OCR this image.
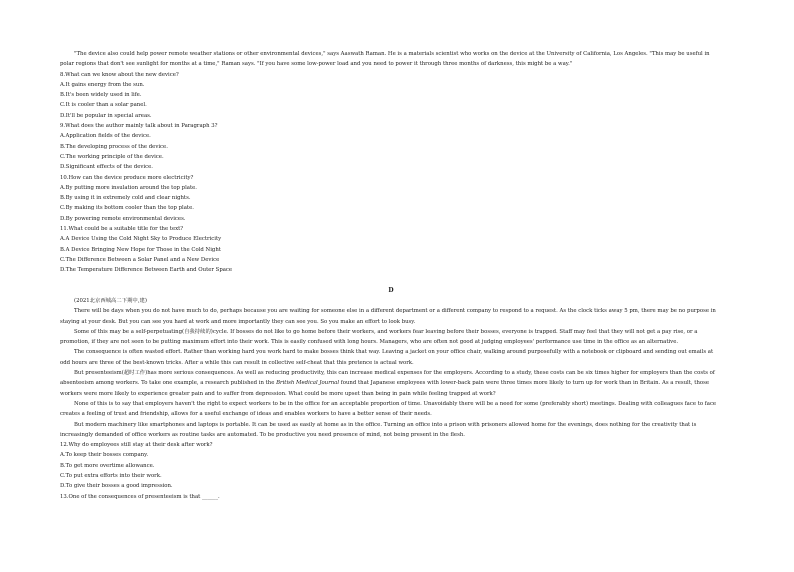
"The device also could help power remote weather stations or other environmental devices," says Aaswath Raman. He is a materials scientist who works on the device at the University of California, Los Angeles. "This may be useful in polar regions that don't see sunlight for months at a time," Raman says. "If you have some low-power load and you need to power it through three months of darkness, this might be a way."

8.What can we know about the new device?

A.It gains energy from the sun.

B.It's been widely used in life.

C.It is cooler than a solar panel.

D.It'll be popular in special areas.

9.What does the author mainly talk about in Paragraph 3?

A.Application fields of the device.

B.The developing process of the device.

C.The working principle of the device.

D.Significant effects of the device.

10.How can the device produce more electricity?

A.By putting more insulation around the top plate.

B.By using it in extremely cold and clear nights.

C.By making its bottom cooler than the top plate.

D.By powering remote environmental devices.

11.What could be a suitable title for the text?

A.A Device Using the Cold Night Sky to Produce Electricity

B.A Device Bringing New Hope for Those in the Cold Night

C.The Difference Between a Solar Panel and a New Device

D.The Temperature Difference Between Earth and Outer Space

D

(2021北京西城高二下期中,建)

There will be days when you do not have much to do, perhaps because you are waiting for someone else in a different department or a different company to respond to a request. As the clock ticks away 5 pm, there may be no purpose in staying at your desk. But you can see you hard at work and more importantly they can see you. So you make an effort to look busy.

Some of this may be a self-perpetuating(自我持续的)cycle. If bosses do not like to go home before their workers, and workers fear leaving before their bosses, everyone is trapped. Staff may feel that they will not get a pay rise, or a promotion, if they are not seen to be putting maximum effort into their work. This is easily confused with long hours. Managers, who are often not good at judging employees' performance use time in the office as an alternative.

The consequence is often wasted effort. Rather than working hard you work hard to make bosses think that way. Leaving a jacket on your office chair, walking around purposefully with a notebook or clipboard and sending out emails at odd hours are three of the best-known tricks. After a while this can result in collective self-cheat that this pretence is actual work.

But presenteeism(超时工作)has more serious consequences. As well as reducing productivity, this can increase medical expenses for the employers. According to a study, these costs can be six times higher for employers than the costs of absenteeism among workers. To take one example, a research published in the British Medical Journal found that Japanese employees with lower-back pain were three times more likely to turn up for work than in Britain. As a result, those workers were more likely to experience greater pain and to suffer from depression. What could be more upset than being in pain while feeling trapped at work?

None of this is to say that employers haven't the right to expect workers to be in the office for an acceptable proportion of time. Unavoidably there will be a need for some (preferably short) meetings. Dealing with colleagues face to face creates a feeling of trust and friendship, allows for a useful exchange of ideas and enables workers to have a better sense of their needs.

But modern machinery like smartphones and laptops is portable. It can be used as easily at home as in the office. Turning an office into a prison with prisoners allowed home for the evenings, does nothing for the creativity that is increasingly demanded of office workers as routine tasks are automated. To be productive you need presence of mind, not being present in the flesh.

12.Why do employees still stay at their desk after work?

A.To keep their bosses company.

B.To get more overtime allowance.

C.To put extra efforts into their work.

D.To give their bosses a good impression.

13.One of the consequences of presenteeism is that ______.
